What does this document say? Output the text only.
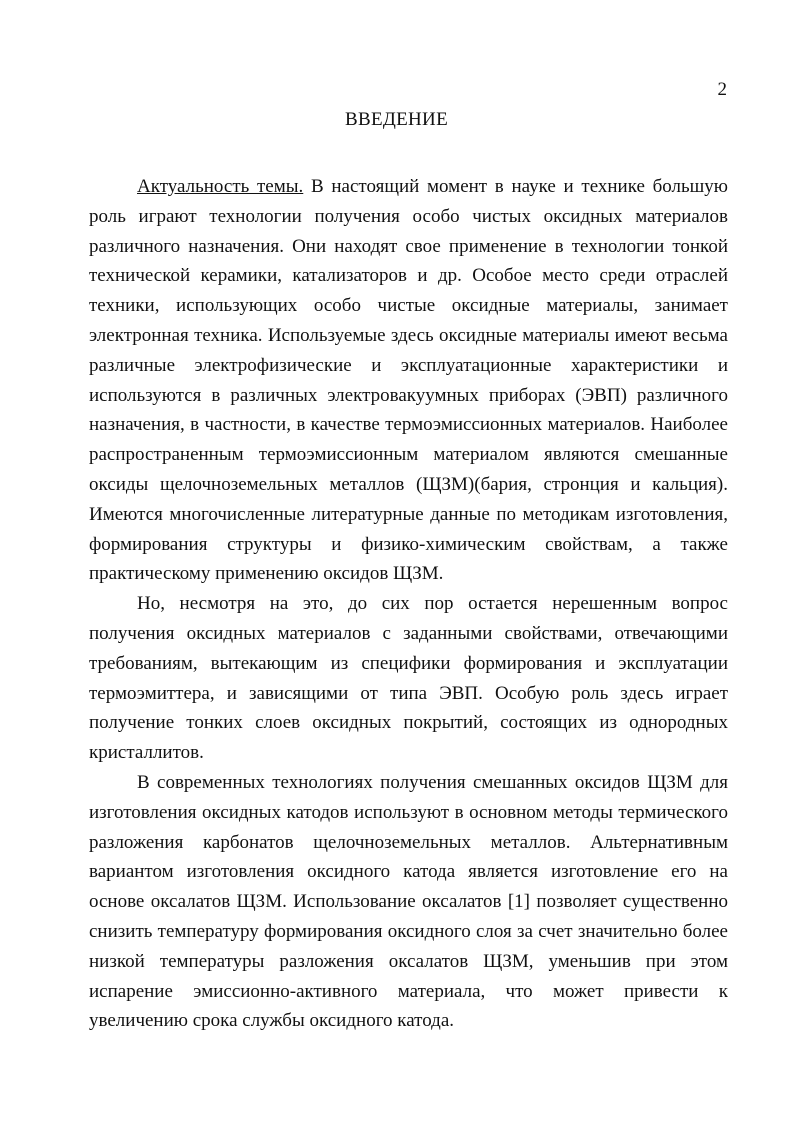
2
ВВЕДЕНИЕ

Актуальность темы. В настоящий момент в науке и технике большую роль играют технологии получения особо чистых оксидных материалов различного назначения. Они находят свое применение в технологии тонкой технической керамики, катализаторов и др. Особое место среди отраслей техники, использующих особо чистые оксидные материалы, занимает электронная техника. Используемые здесь оксидные материалы имеют весьма различные электрофизические и эксплуатационные характеристики и используются в различных электровакуумных приборах (ЭВП) различного назначения, в частности, в качестве термоэмиссионных материалов. Наиболее распространенным термоэмиссионным материалом являются смешанные оксиды щелочноземельных металлов (ЩЗМ)(бария, стронция и кальция). Имеются многочисленные литературные данные по методикам изготовления, формирования структуры и физико-химическим свойствам, а также практическому применению оксидов ЩЗМ.

Но, несмотря на это, до сих пор остается нерешенным вопрос получения оксидных материалов с заданными свойствами, отвечающими требованиям, вытекающим из специфики формирования и эксплуатации термоэмиттера, и зависящими от типа ЭВП. Особую роль здесь играет получение тонких слоев оксидных покрытий, состоящих из однородных кристаллитов.

В современных технологиях получения смешанных оксидов ЩЗМ для изготовления оксидных катодов используют в основном методы термического разложения карбонатов щелочноземельных металлов. Альтернативным вариантом изготовления оксидного катода является изготовление его на основе оксалатов ЩЗМ. Использование оксалатов [1] позволяет существенно снизить температуру формирования оксидного слоя за счет значительно более низкой температуры разложения оксалатов ЩЗМ, уменьшив при этом испарение эмиссионно-активного материала, что может привести к увеличению срока службы оксидного катода.
